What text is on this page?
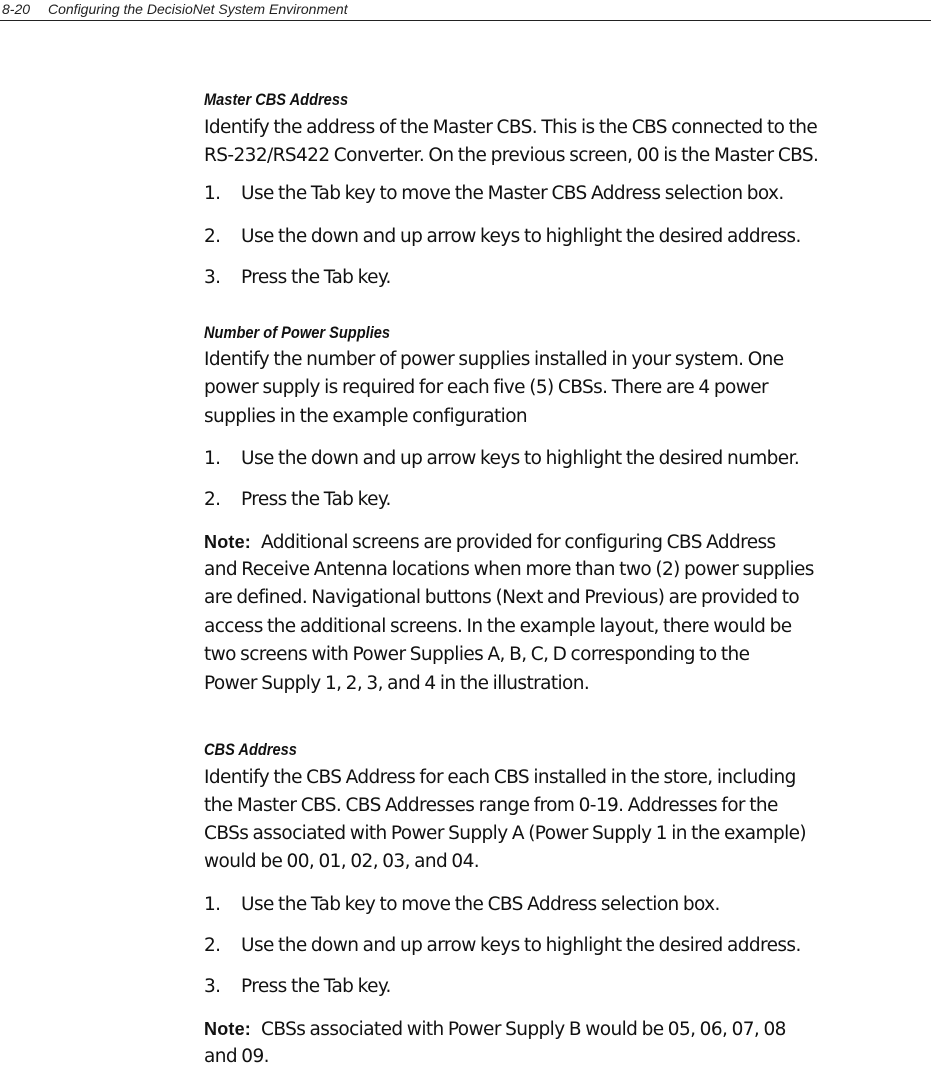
8-20 Configuring the DecisioNet System Environment
Master CBS Address
Identify the address of the Master CBS. This is the CBS connected to the
RS-232/RS422 Converter. On the previous screen, 00 is the Master CBS.
1.	Use the Tab key to move the Master CBS Address selection box.
2.	Use the down and up arrow keys to highlight the desired address.
3.	Press the Tab key.
Number of Power Supplies
Identify the number of power supplies installed in your system. One
power supply is required for each five (5) CBSs. There are 4 power
supplies in the example configuration
1.	Use the down and up arrow keys to highlight the desired number.
2.	Press the Tab key.
Note: Additional screens are provided for configuring CBS Address
and Receive Antenna locations when more than two (2) power supplies
are defined. Navigational buttons (Next and Previous) are provided to
access the additional screens. In the example layout, there would be
two screens with Power Supplies A, B, C, D corresponding to the
Power Supply 1, 2, 3, and 4 in the illustration.
CBS Address
Identify the CBS Address for each CBS installed in the store, including
the Master CBS. CBS Addresses range from 0-19. Addresses for the
CBSs associated with Power Supply A (Power Supply 1 in the example)
would be 00, 01, 02, 03, and 04.
1.	Use the Tab key to move the CBS Address selection box.
2.	Use the down and up arrow keys to highlight the desired address.
3.	Press the Tab key.
Note: CBSs associated with Power Supply B would be 05, 06, 07, 08
and 09.
